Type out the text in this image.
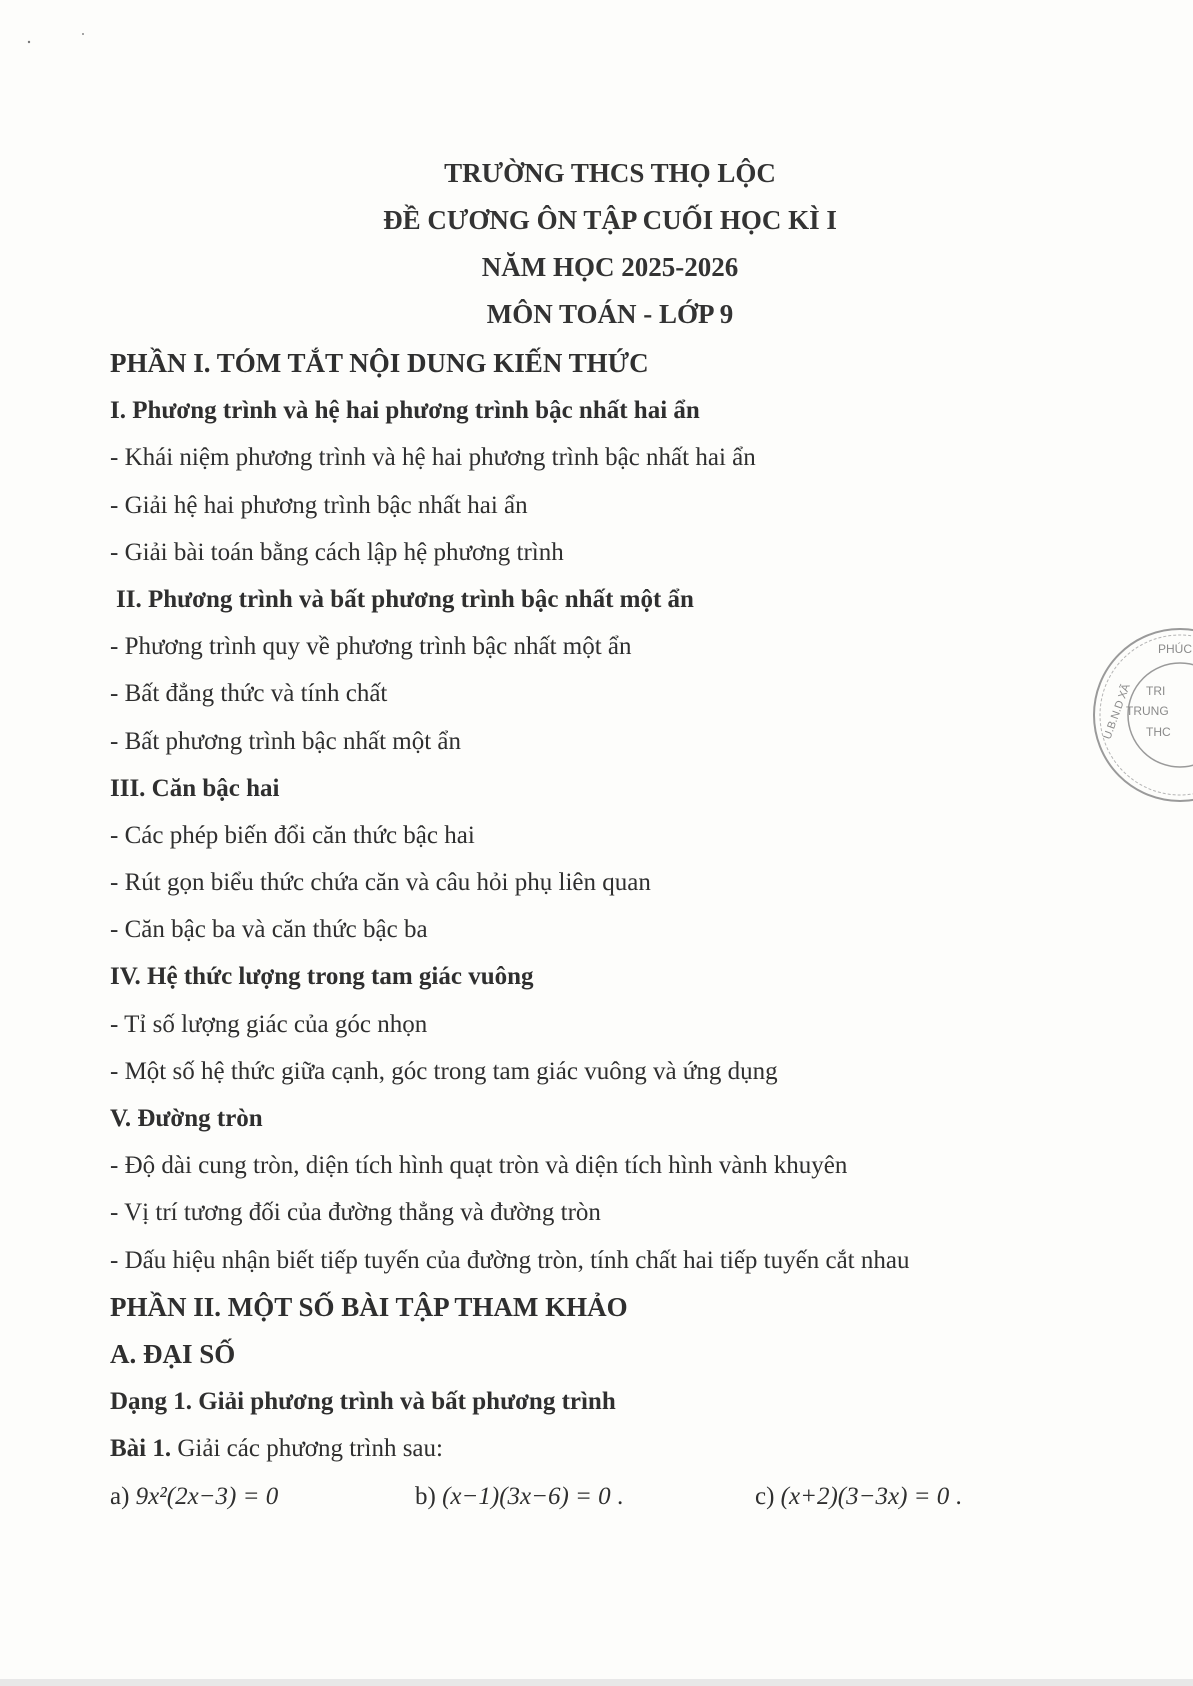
TRƯỜNG THCS THỌ LỘC
ĐỀ CƯƠNG ÔN TẬP CUỐI HỌC KÌ I
NĂM HỌC 2025-2026
MÔN TOÁN - LỚP 9
PHẦN I. TÓM TẮT NỘI DUNG KIẾN THỨC
I. Phương trình và hệ hai phương trình bậc nhất hai ẩn
- Khái niệm phương trình và hệ hai phương trình bậc nhất hai ẩn
- Giải hệ hai phương trình bậc nhất hai ẩn
- Giải bài toán bằng cách lập hệ phương trình
II. Phương trình và bất phương trình bậc nhất một ẩn
- Phương trình quy về phương trình bậc nhất một ẩn
- Bất đẳng thức và tính chất
- Bất phương trình bậc nhất một ẩn
III. Căn bậc hai
- Các phép biến đổi căn thức bậc hai
- Rút gọn biểu thức chứa căn và câu hỏi phụ liên quan
- Căn bậc ba và căn thức bậc ba
IV. Hệ thức lượng trong tam giác vuông
- Tỉ số lượng giác của góc nhọn
- Một số hệ thức giữa cạnh, góc trong tam giác vuông và ứng dụng
V. Đường tròn
- Độ dài cung tròn, diện tích hình quạt tròn và diện tích hình vành khuyên
- Vị trí tương đối của đường thẳng và đường tròn
- Dấu hiệu nhận biết tiếp tuyến của đường tròn, tính chất hai tiếp tuyến cắt nhau
PHẦN II. MỘT SỐ BÀI TẬP THAM KHẢO
A. ĐẠI SỐ
Dạng 1. Giải phương trình và bất phương trình
Bài 1. Giải các phương trình sau:
a) 9x²(2x−3) = 0	b) (x−1)(3x−6) = 0 .	c) (x+2)(3−3x) = 0 .
PHÚC
U.B.N.D XÃ TRI
TRUNG
THC
